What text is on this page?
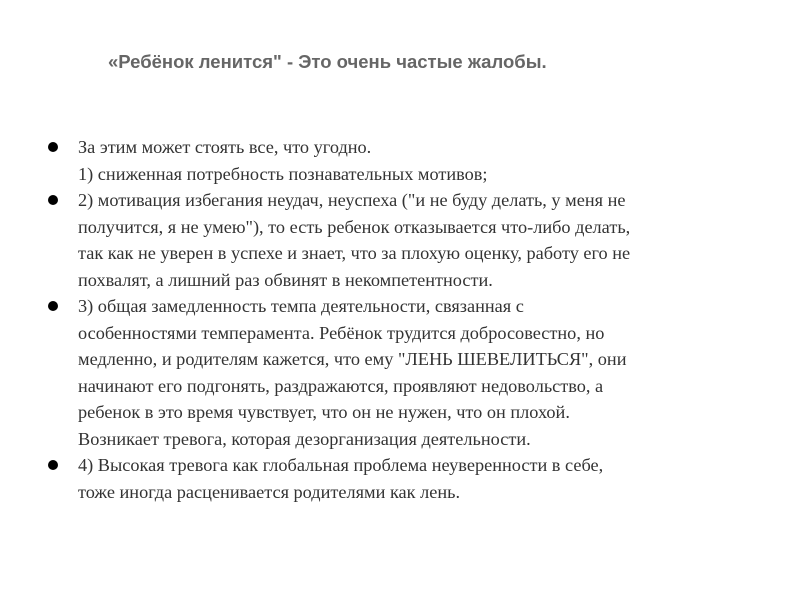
«Ребёнок ленится" - Это очень частые жалобы.
За этим может стоять все, что угодно.
1) сниженная потребность познавательных мотивов;
2) мотивация избегания неудач, неуспеха ("и не буду делать, у меня не
получится, я не умею"), то есть ребенок отказывается что-либо делать,
так как не уверен в успехе и знает, что за плохую оценку, работу его не
похвалят, а лишний раз обвинят в некомпетентности.
3) общая замедленность темпа деятельности, связанная с
особенностями темперамента. Ребёнок трудится добросовестно, но
медленно, и родителям кажется, что ему "ЛЕНЬ ШЕВЕЛИТЬСЯ", они
начинают его подгонять, раздражаются, проявляют недовольство, а
ребенок в это время чувствует, что он не нужен, что он плохой.
Возникает тревога, которая дезорганизация деятельности.
4) Высокая тревога как глобальная проблема неуверенности в себе,
тоже иногда расценивается родителями как лень.
